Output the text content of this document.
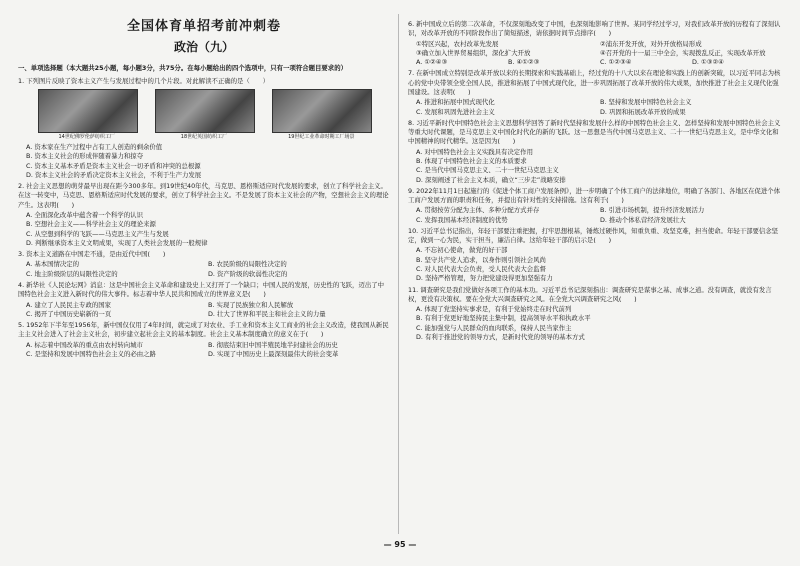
全国体育单招考前冲刺卷
政治（九）
一、单项选择题（本大题共25小题，每小题3分，共75分。在每小题给出的四个选项中，只有一项符合题目要求的）
1. 下列图片反映了资本主义产生与发展过程中的几个片段。对此解读不正确的是（　　）
14世纪佛罗伦萨纺织工厂	18世纪英国纺织工厂	19世纪工业革命时期工厂场景
A. 资本家在生产过程中占有工人创造的剩余价值
B. 资本主义社会的形成伴随着暴力和掠夺
C. 资本主义基本矛盾是资本主义社会一切矛盾和冲突的总根源
D. 资本主义社会的矛盾决定资本主义社会，不利于生产力发展
2. 社会主义思想的萌芽最早出现在距今300多年。到19世纪40年代，马克思、恩格斯适应时代发展的要求，创立了科学社会主义。在这一转变中，马克思、恩格斯适应时代发展的要求，创立了科学社会主义。不是发展了资本主义社会的产物，空想社会主义的理论产生。这表明(　　)
A. 全面深化改革中蕴含着一个科学的认识
B. 空想社会主义——科学社会主义的理论来源
C. 从空想到科学的飞跃——马克思主义产生与发展
D. 判断继承资本主义文明成果，实现了人类社会发展的一般规律
3. 资本主义道路在中国走不通，是由近代中国(　　)
A. 基本国情决定的	B. 农民阶级的局限性决定的
C. 地主阶级阶层的局限性决定的	D. 资产阶级的软弱性决定的
4. 新华社《人民论坛网》消息：这是中国社会主义革命和建设史上又打开了一个缺口；中国人民的发展，历史性的飞跃，迈出了中国特色社会主义进入新时代的伟大事件。标志着中华人民共和国成立的世界意义是(　　)
A. 建立了人民民主专政的国家	B. 实现了民族独立和人民解放
C. 揭开了中国历史崭新的一页	D. 壮大了世界和平民主和社会主义的力量
5. 1952年下半年至1956年，新中国仅仅用了4年时间，就完成了对农业、手工业和资本主义工商业的社会主义改造，使我国从新民主主义社会进入了社会主义社会，初步建立起社会主义的基本制度。社会主义基本制度确立的意义在于(　　)
A. 标志着中国改革的重点由农村转向城市	B. 彻底结束旧中国半殖民地半封建社会的历史
C. 是坚持和发展中国特色社会主义的必由之路	D. 实现了中国历史上最深刻最伟大的社会变革
6. 新中国成立后的第二次革命，不仅深刻地改变了中国，也深刻地影响了世界。某同学经过学习，对我们改革开放的历程有了深刻认识，对改革开放的不同阶段作出了简短描述，请依据时间节点排序(　　)
①特区兴起，农村改革先发展	②浦东开发开放，对外开放格局形成
③确立加入世界贸易组织，深化扩大开放	④召开党的十一届三中全会，实现拨乱反正，实现改革开放
A. ①②④③	B. ④①②③	C. ①②③④	D. ①③②④
7. 在新中国成立特别是改革开放以来的长期探索和实践基础上，经过党的十八大以来在理论和实践上的创新突破，以习近平同志为核心的党中央带领全党全国人民，推进和拓展了中国式现代化，进一步巩固拓展了改革开放的伟大成果，加快推进了社会主义现代化强国建设。这表明(　　)
A. 推进和拓展中国式现代化	B. 坚持和发展中国特色社会主义
C. 发展和巩固先进社会主义	D. 巩固和拓展改革开放的成果
8. 习近平新时代中国特色社会主义思想科学回答了新时代坚持和发展什么样的中国特色社会主义、怎样坚持和发展中国特色社会主义等重大时代课题，是马克思主义中国化时代化的新的飞跃。这一思想是当代中国马克思主义、二十一世纪马克思主义，是中华文化和中国精神的时代精华。这是因为(　　)
A. 对中国特色社会主义实践具有决定作用
B. 体现了中国特色社会主义的本质要求
C. 是当代中国马克思主义、二十一世纪马克思主义
D. 深刻阐述了社会主义本质，确立“三步走”战略安排
9. 2022年11月1日起施行的《促进个体工商户发展条例》，进一步明确了个体工商户的法律地位，明确了各部门、各地区在促进个体工商户发展方面的职责和任务，并提出有针对性的支持措施。这有利于(　　)
A. 贯彻按劳分配为主体、多种分配方式并存	B. 引进市场机制，提升经济发展活力
C. 发挥我国基本经济制度的优势	D. 推动个体私营经济发展壮大
10. 习近平总书记指出，年轻干部要注重把握，打牢思想根基，锤炼过硬作风，知重负重、攻坚克难，担当使命。年轻干部要信念坚定，做到一心为民，实干担当，廉洁自律。这给年轻干部的启示是(　　)
A. 不忘初心使命，做党的好干部
B. 坚守共产党人追求，以身作则引领社会风尚
C. 对人民代表大会负责，受人民代表大会监督
D. 坚持严格管理，努力把党建设得更加坚强有力
11. 调查研究是我们党做好各项工作的基本功。习近平总书记深刻指出：调查研究是谋事之基、成事之道。没有调查，就没有发言权，更没有决策权。要在全党大兴调查研究之风。在全党大兴调查研究之风(　　)
A. 体现了党坚持实事求是，有利于党始终走在时代前列
B. 有利于党更好地坚持民主集中制，提高领导水平和执政水平
C. 能加强党与人民群众的血肉联系，保持人民当家作主
D. 有利于推进党的领导方式，是新时代党的领导的基本方式
— 95 —
